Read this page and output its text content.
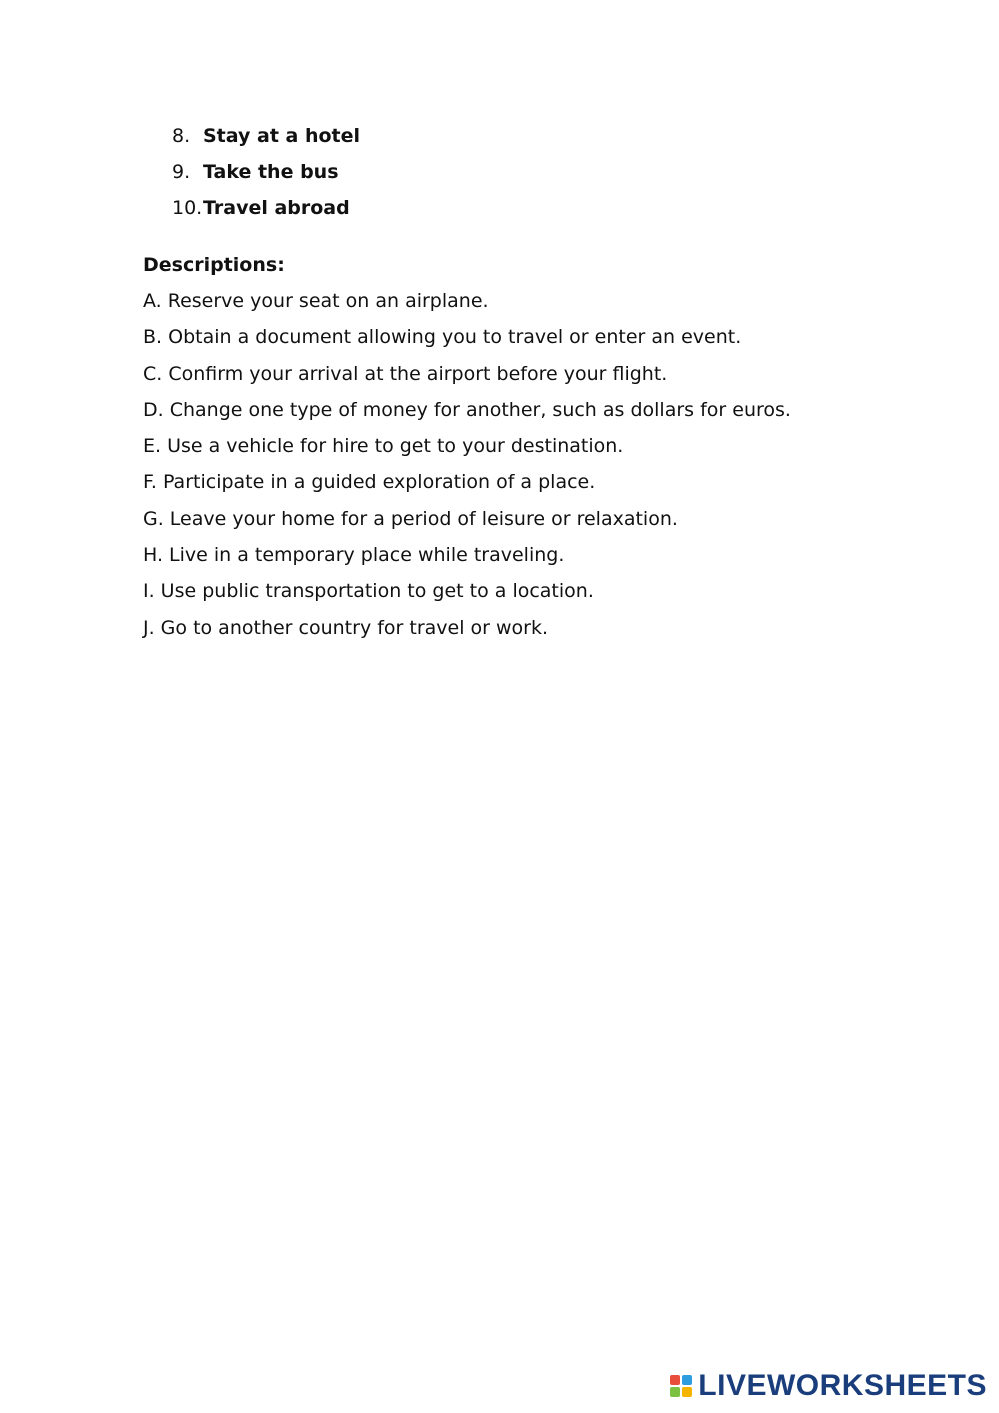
8. Stay at a hotel
9. Take the bus
10. Travel abroad
Descriptions:
A. Reserve your seat on an airplane.
B. Obtain a document allowing you to travel or enter an event.
C. Confirm your arrival at the airport before your flight.
D. Change one type of money for another, such as dollars for euros.
E. Use a vehicle for hire to get to your destination.
F. Participate in a guided exploration of a place.
G. Leave your home for a period of leisure or relaxation.
H. Live in a temporary place while traveling.
I. Use public transportation to get to a location.
J. Go to another country for travel or work.
LIVEWORKSHEETS
